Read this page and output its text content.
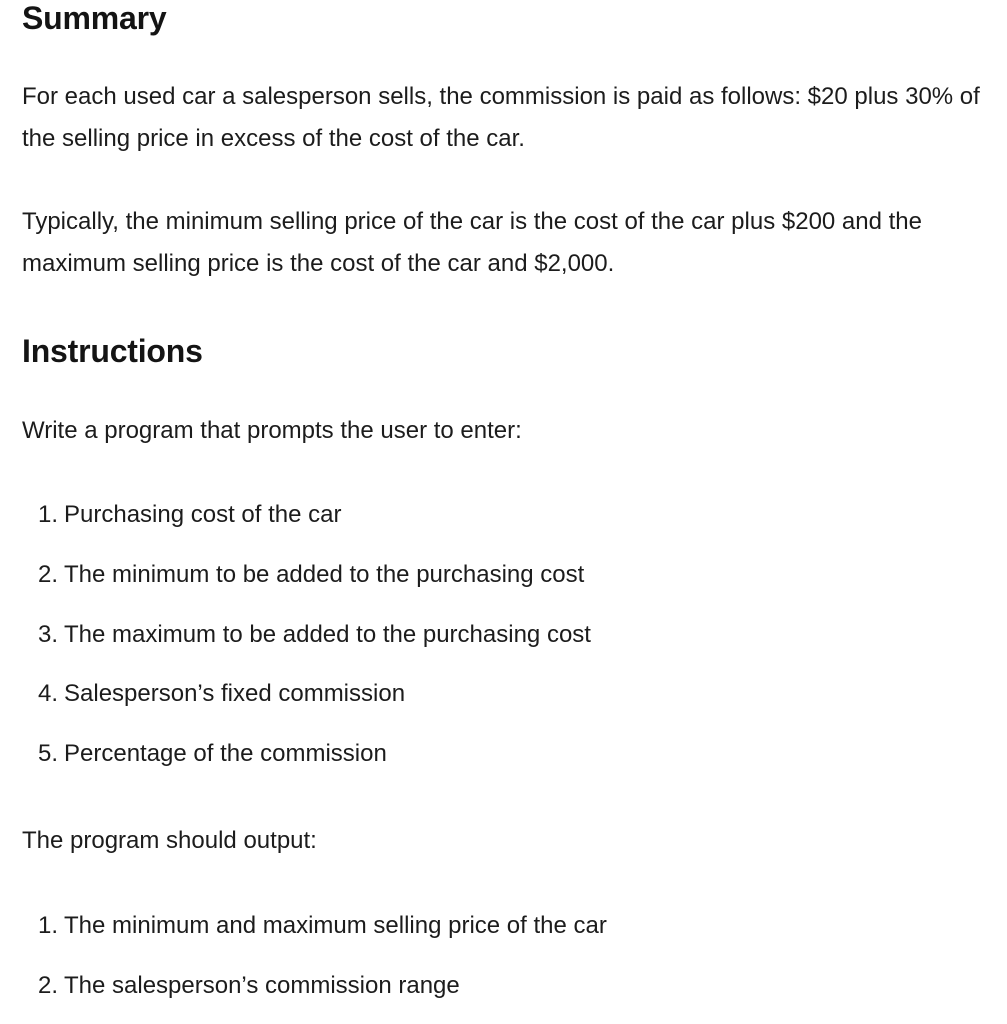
Summary

For each used car a salesperson sells, the commission is paid as follows: $20 plus 30% of the selling price in excess of the cost of the car.

Typically, the minimum selling price of the car is the cost of the car plus $200 and the maximum selling price is the cost of the car and $2,000.

Instructions

Write a program that prompts the user to enter:

1. Purchasing cost of the car
2. The minimum to be added to the purchasing cost
3. The maximum to be added to the purchasing cost
4. Salesperson’s fixed commission
5. Percentage of the commission

The program should output:

1. The minimum and maximum selling price of the car
2. The salesperson’s commission range
